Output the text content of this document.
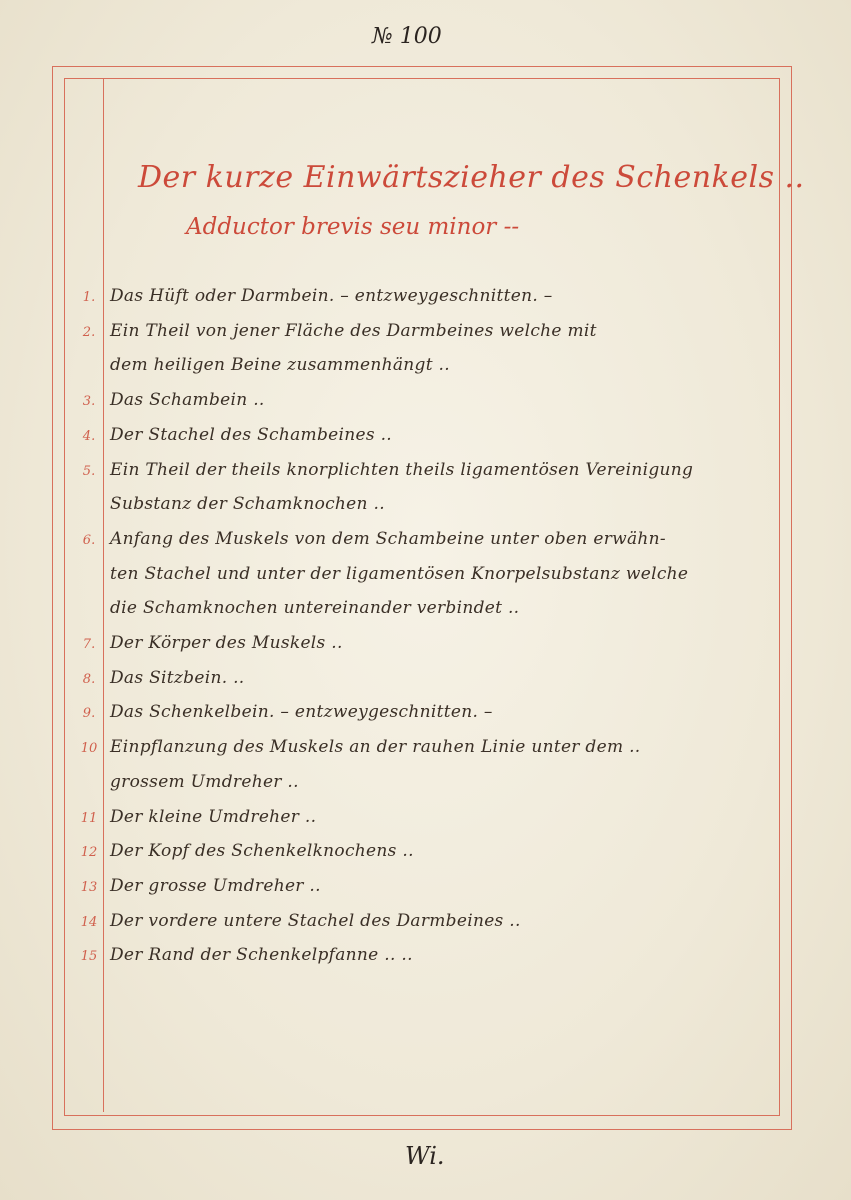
№ 100
Der kurze Einwärtszieher des Schenkels ..
Adductor brevis seu minor --
1. Das Hüft oder Darmbein. – entzweygeschnitten. –
2. Ein Theil von jener Fläche des Darmbeines welche mit
dem heiligen Beine zusammenhängt ..
3. Das Schambein ..
4. Der Stachel des Schambeines ..
5. Ein Theil der theils knorplichten theils ligamentösen Vereinigung
Substanz der Schamknochen ..
6. Anfang des Muskels von dem Schambeine unter oben erwähn-
ten Stachel und unter der ligamentösen Knorpelsubstanz welche
die Schamknochen untereinander verbindet ..
7. Der Körper des Muskels ..
8. Das Sitzbein. ..
9. Das Schenkelbein. – entzweygeschnitten. –
10 Einpflanzung des Muskels an der rauhen Linie unter dem ..
grossem Umdreher ..
11 Der kleine Umdreher ..
12 Der Kopf des Schenkelknochens ..
13 Der grosse Umdreher ..
14 Der vordere untere Stachel des Darmbeines ..
15 Der Rand der Schenkelpfanne .. ..
Wi.
